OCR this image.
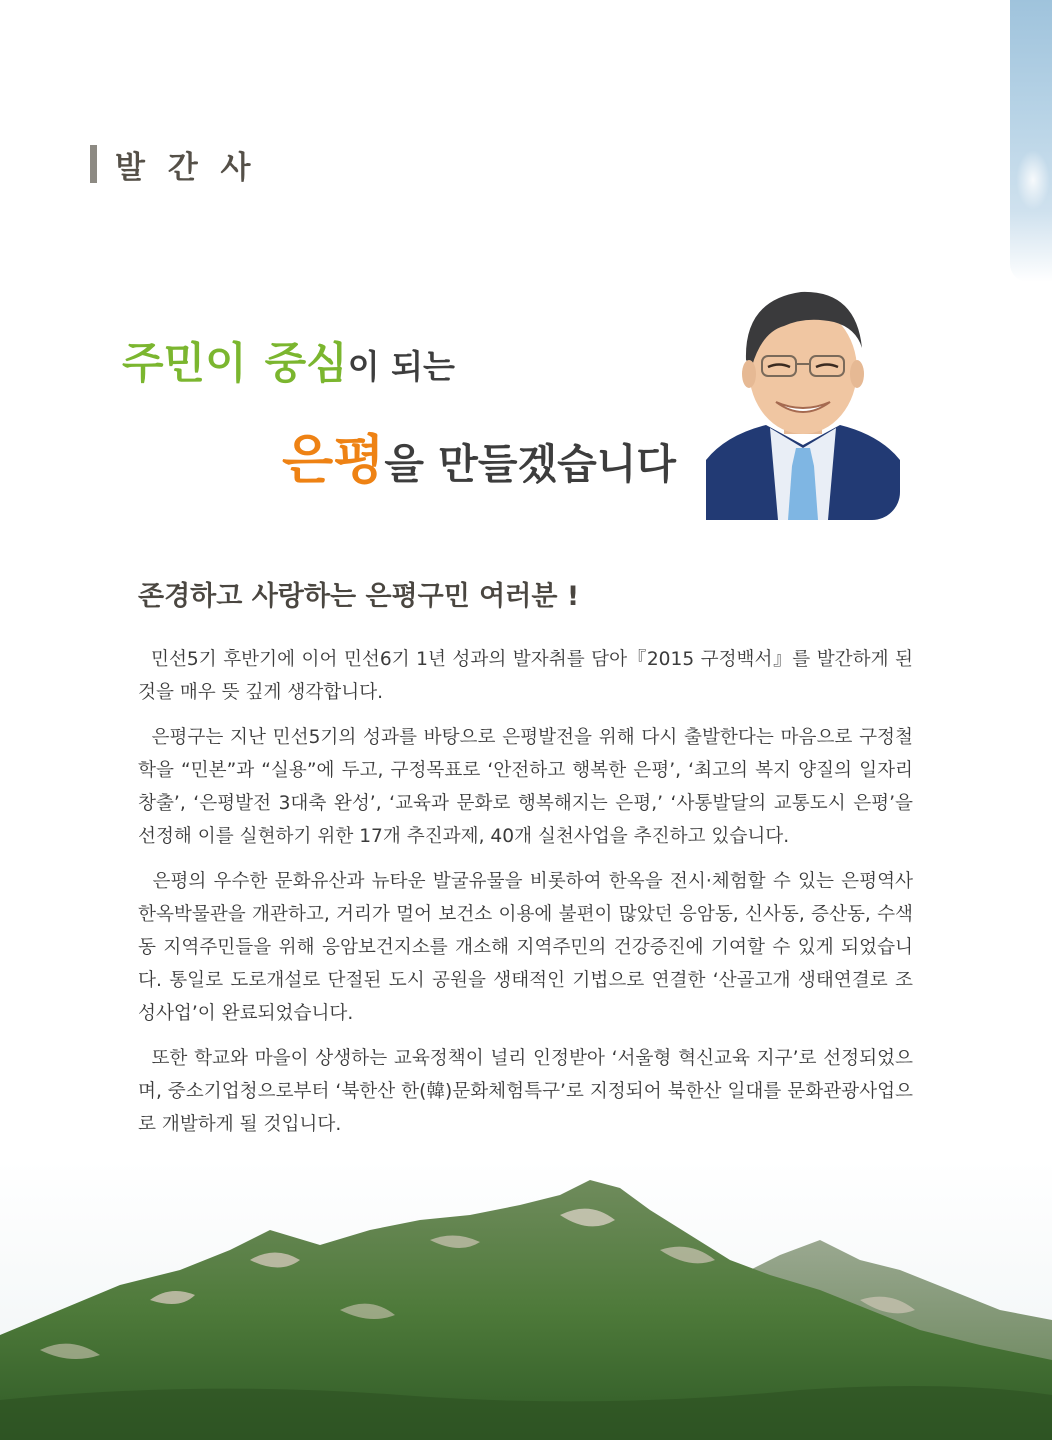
발 간 사
주민이 중심이 되는
은평을 만들겠습니다
존경하고 사랑하는 은평구민 여러분 !

민선5기 후반기에 이어 민선6기 1년 성과의 발자취를 담아『2015 구정백서』를 발간하게 된 것을 매우 뜻 깊게 생각합니다.

은평구는 지난 민선5기의 성과를 바탕으로 은평발전을 위해 다시 출발한다는 마음으로 구정철학을 “민본”과 “실용”에 두고, 구정목표로 ‘안전하고 행복한 은평’, ‘최고의 복지 양질의 일자리 창출’, ‘은평발전 3대축 완성’, ‘교육과 문화로 행복해지는 은평,’ ‘사통발달의 교통도시 은평’을 선정해 이를 실현하기 위한 17개 추진과제, 40개 실천사업을 추진하고 있습니다.

은평의 우수한 문화유산과 뉴타운 발굴유물을 비롯하여 한옥을 전시·체험할 수 있는 은평역사한옥박물관을 개관하고, 거리가 멀어 보건소 이용에 불편이 많았던 응암동, 신사동, 증산동, 수색동 지역주민들을 위해 응암보건지소를 개소해 지역주민의 건강증진에 기여할 수 있게 되었습니다. 통일로 도로개설로 단절된 도시 공원을 생태적인 기법으로 연결한 ‘산골고개 생태연결로 조성사업’이 완료되었습니다.

또한 학교와 마을이 상생하는 교육정책이 널리 인정받아 ‘서울형 혁신교육 지구’로 선정되었으며, 중소기업청으로부터 ‘북한산 한(韓)문화체험특구’로 지정되어 북한산 일대를 문화관광사업으로 개발하게 될 것입니다.
